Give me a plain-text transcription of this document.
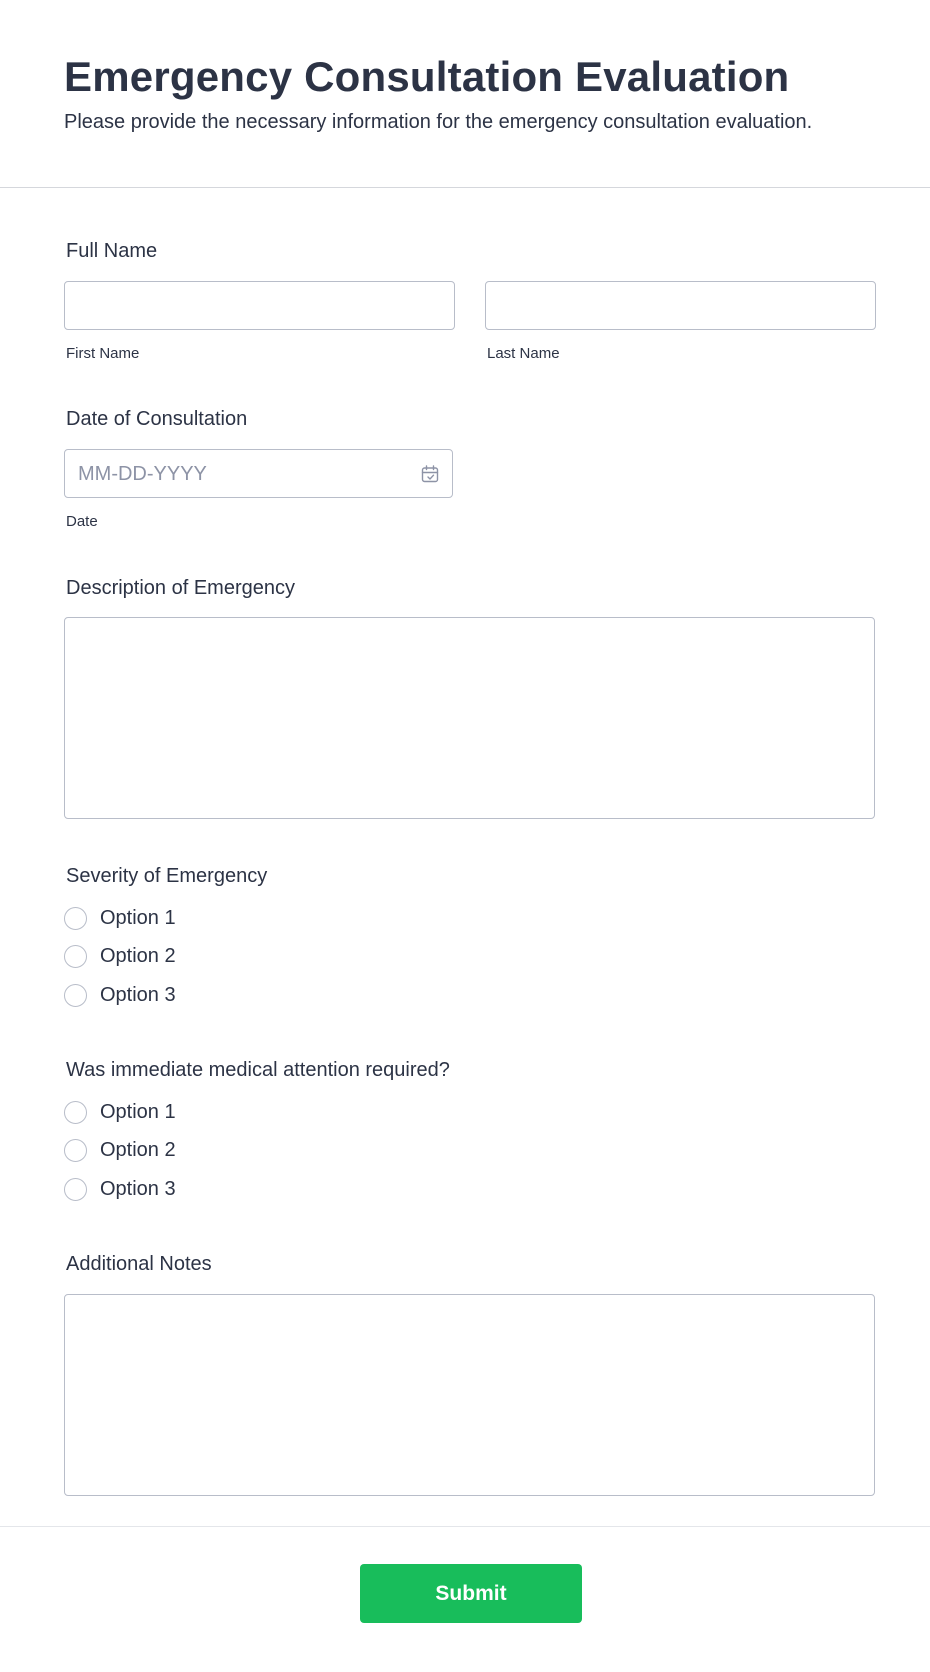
Emergency Consultation Evaluation

Please provide the necessary information for the emergency consultation evaluation.

Full Name
First Name	Last Name
Date of Consultation
MM-DD-YYYY
Date
Description of Emergency
Severity of Emergency
Option 1
Option 2
Option 3
Was immediate medical attention required?
Option 1
Option 2
Option 3
Additional Notes
Submit
